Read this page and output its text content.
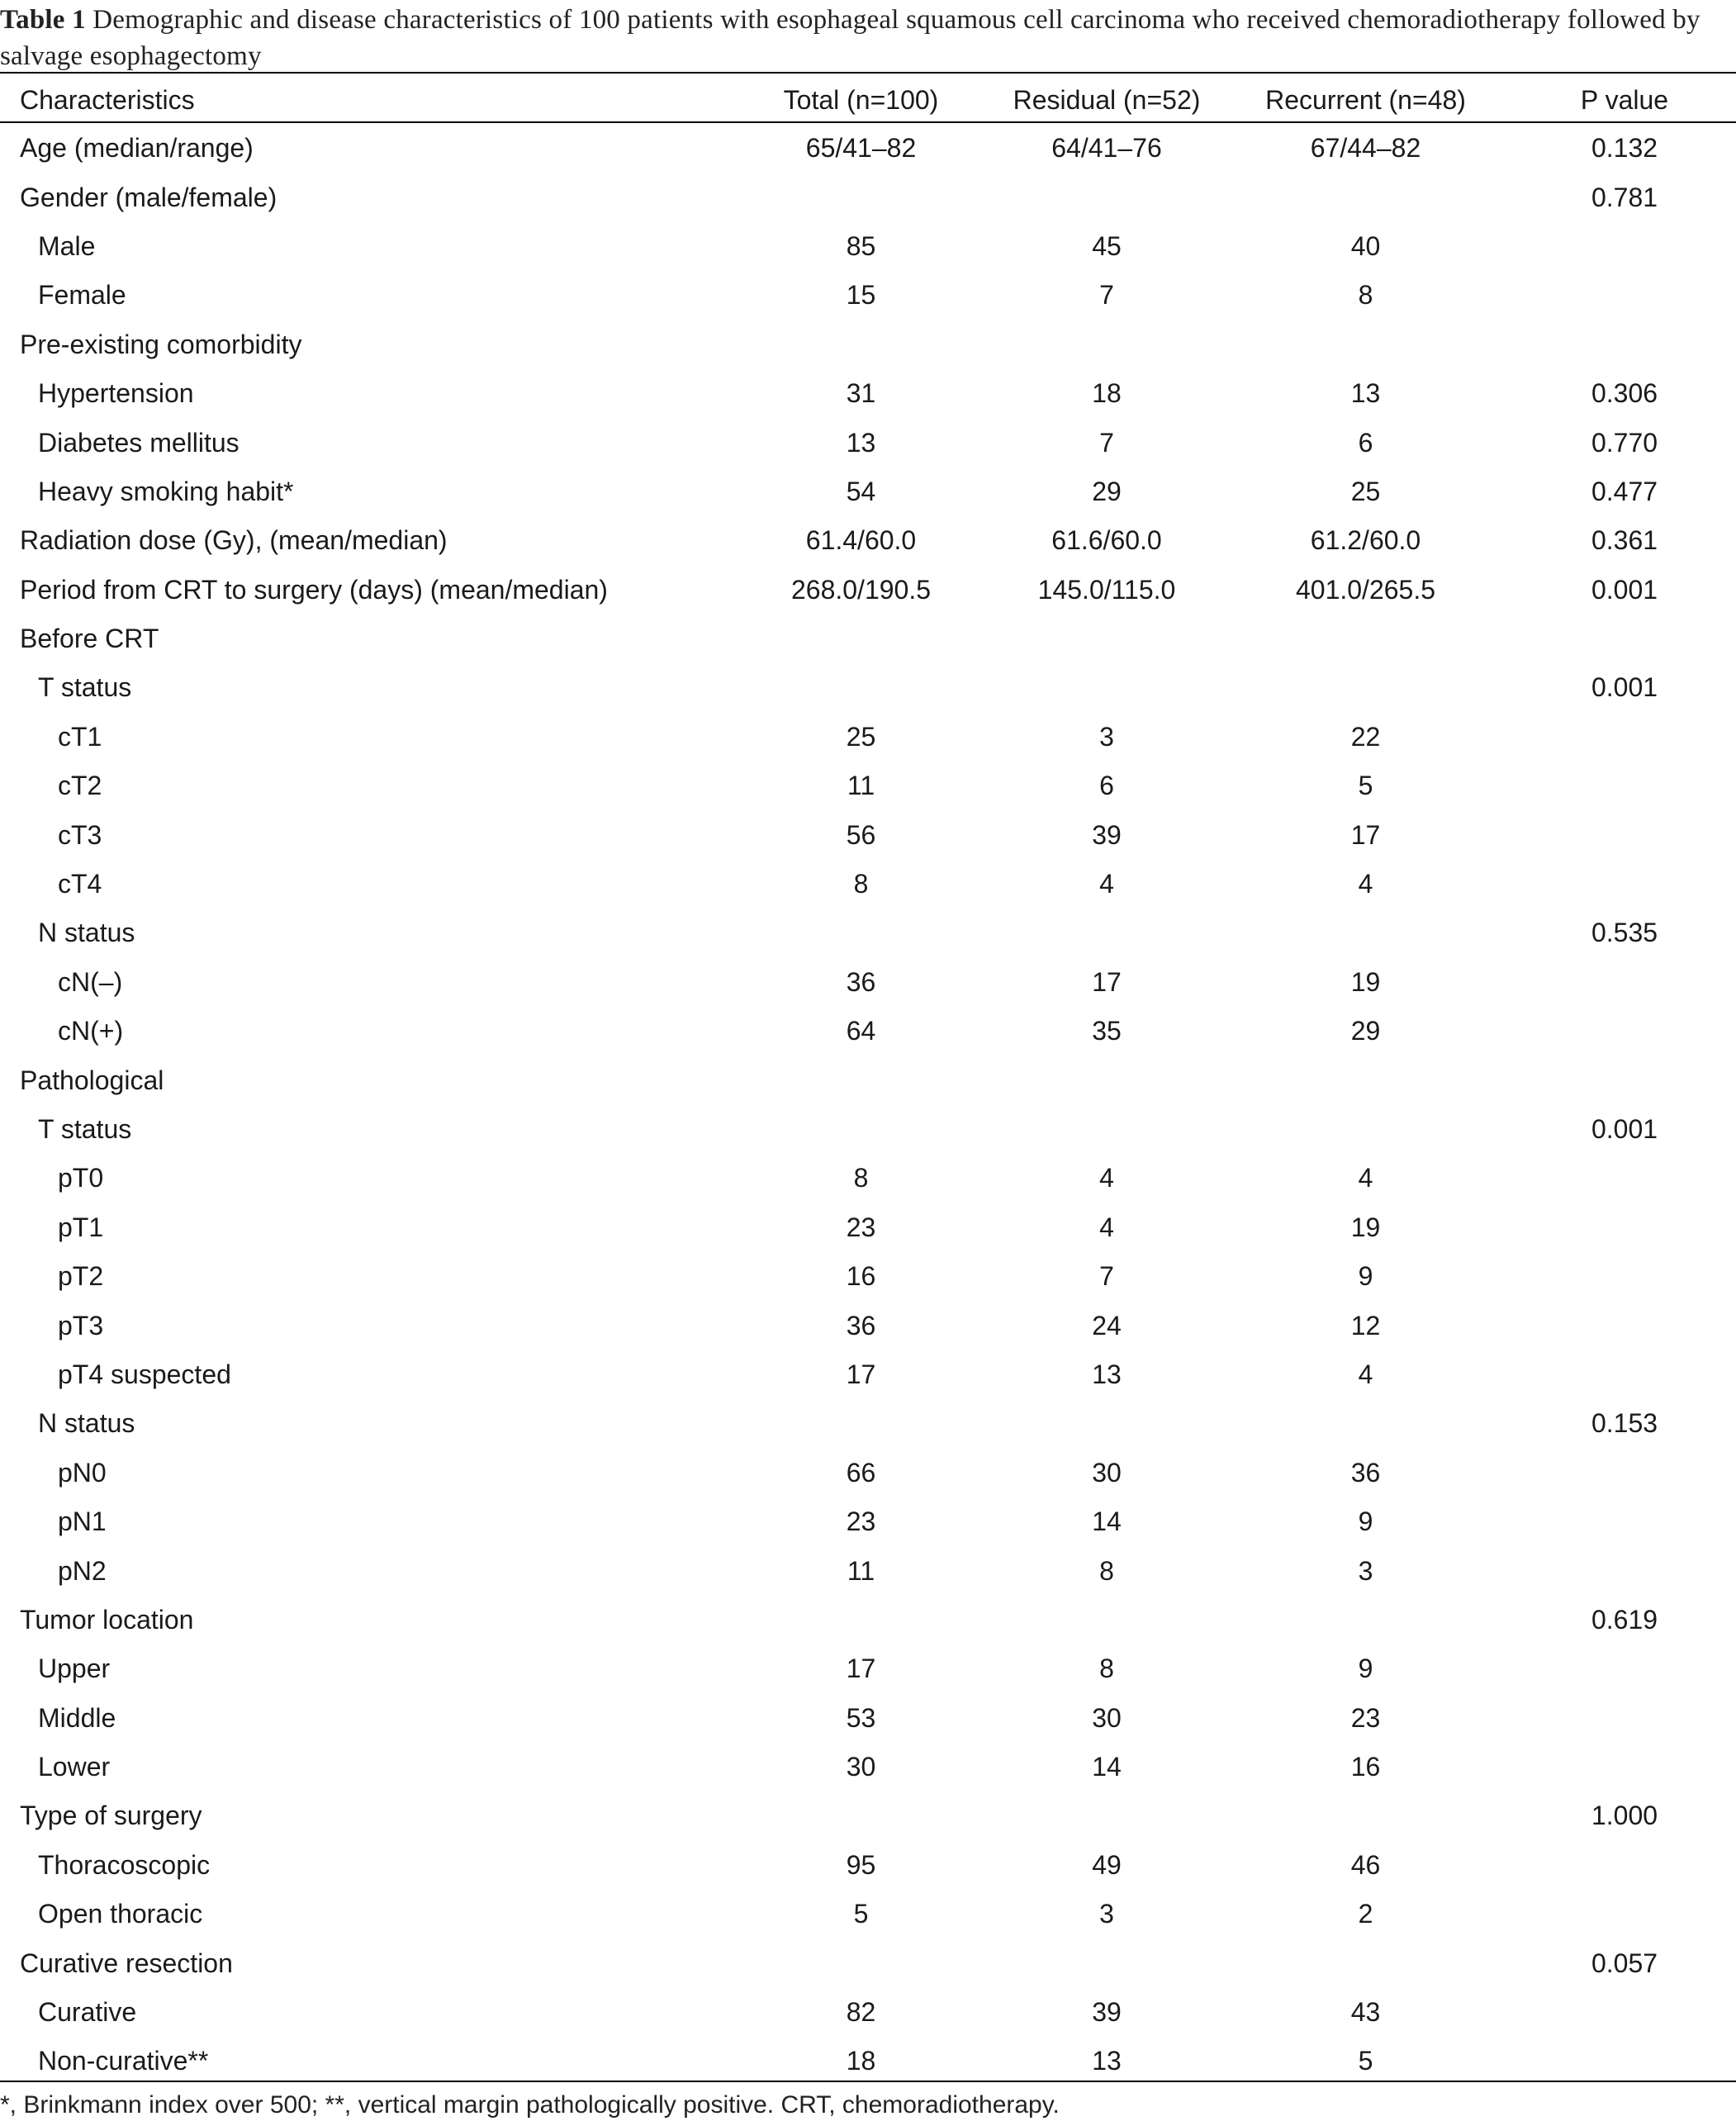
Table 1 Demographic and disease characteristics of 100 patients with esophageal squamous cell carcinoma who received chemoradiotherapy followed by salvage esophagectomy
Characteristics	Total (n=100)	Residual (n=52)	Recurrent (n=48)	P value
Age (median/range)	65/41–82	64/41–76	67/44–82	0.132
Gender (male/female)				0.781
Male	85	45	40	
Female	15	7	8	
Pre-existing comorbidity				
Hypertension	31	18	13	0.306
Diabetes mellitus	13	7	6	0.770
Heavy smoking habit*	54	29	25	0.477
Radiation dose (Gy), (mean/median)	61.4/60.0	61.6/60.0	61.2/60.0	0.361
Period from CRT to surgery (days) (mean/median)	268.0/190.5	145.0/115.0	401.0/265.5	0.001
Before CRT				
T status				0.001
cT1	25	3	22	
cT2	11	6	5	
cT3	56	39	17	
cT4	8	4	4	
N status				0.535
cN(–)	36	17	19	
cN(+)	64	35	29	
Pathological				
T status				0.001
pT0	8	4	4	
pT1	23	4	19	
pT2	16	7	9	
pT3	36	24	12	
pT4 suspected	17	13	4	
N status				0.153
pN0	66	30	36	
pN1	23	14	9	
pN2	11	8	3	
Tumor location				0.619
Upper	17	8	9	
Middle	53	30	23	
Lower	30	14	16	
Type of surgery				1.000
Thoracoscopic	95	49	46	
Open thoracic	5	3	2	
Curative resection				0.057
Curative	82	39	43	
Non-curative**	18	13	5	
*, Brinkmann index over 500; **, vertical margin pathologically positive. CRT, chemoradiotherapy.
